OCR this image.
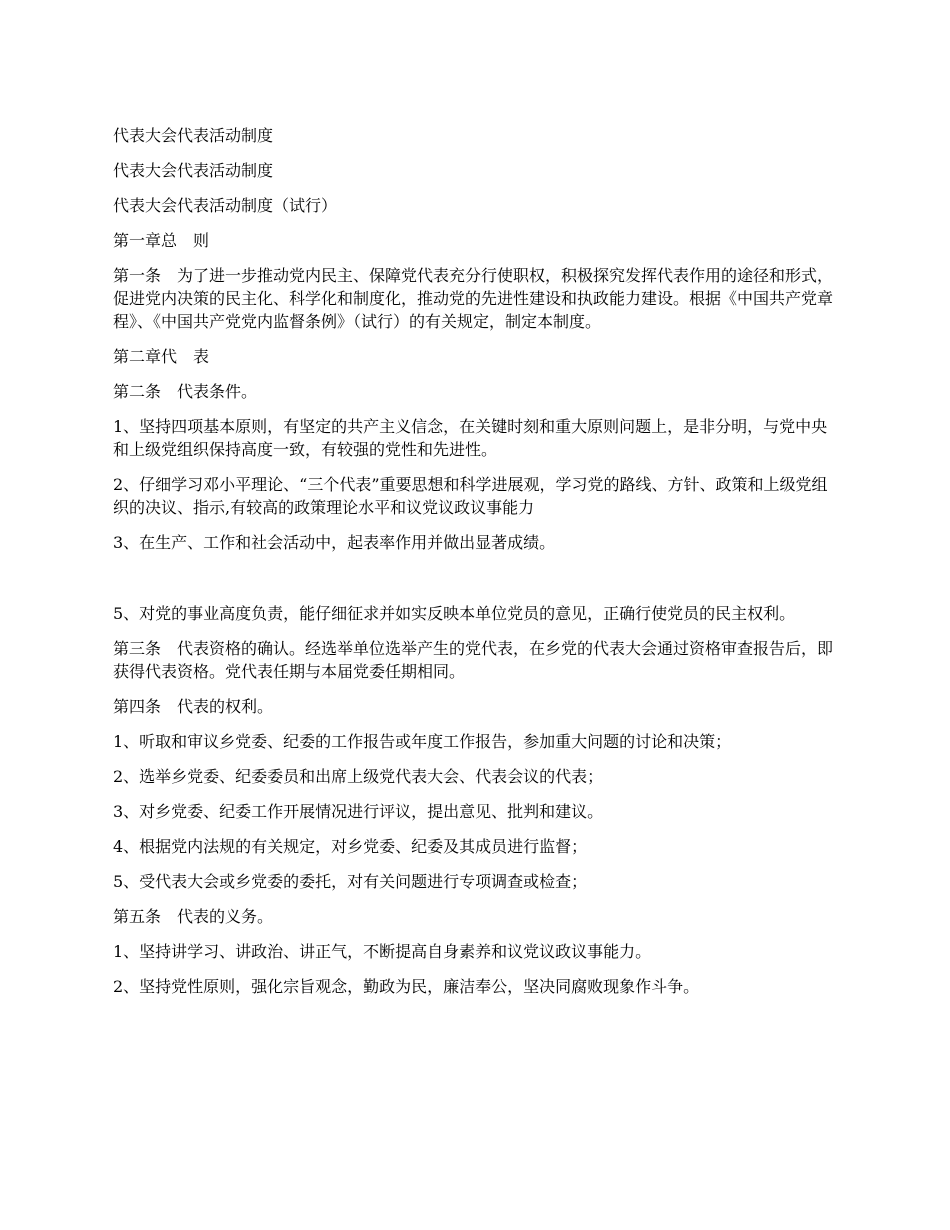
代表大会代表活动制度

代表大会代表活动制度

代表大会代表活动制度（试行）

第一章总　则

第一条　为了进一步推动党内民主、保障党代表充分行使职权，积极探究发挥代表作用的途径和形式，促进党内决策的民主化、科学化和制度化，推动党的先进性建设和执政能力建设。根据《中国共产党章程》、《中国共产党党内监督条例》（试行）的有关规定，制定本制度。

第二章代　表

第二条　代表条件。

1、坚持四项基本原则，有坚定的共产主义信念，在关键时刻和重大原则问题上，是非分明，与党中央和上级党组织保持高度一致，有较强的党性和先进性。

2、仔细学习邓小平理论、“三个代表”重要思想和科学进展观，学习党的路线、方针、政策和上级党组织的决议、指示,有较高的政策理论水平和议党议政议事能力

3、在生产、工作和社会活动中，起表率作用并做出显著成绩。

5、对党的事业高度负责，能仔细征求并如实反映本单位党员的意见，正确行使党员的民主权利。

第三条　代表资格的确认。经选举单位选举产生的党代表，在乡党的代表大会通过资格审查报告后，即获得代表资格。党代表任期与本届党委任期相同。

第四条　代表的权利。

1、听取和审议乡党委、纪委的工作报告或年度工作报告，参加重大问题的讨论和决策；

2、选举乡党委、纪委委员和出席上级党代表大会、代表会议的代表；

3、对乡党委、纪委工作开展情况进行评议，提出意见、批判和建议。

4、根据党内法规的有关规定，对乡党委、纪委及其成员进行监督；

5、受代表大会或乡党委的委托，对有关问题进行专项调查或检查；

第五条　代表的义务。

1、坚持讲学习、讲政治、讲正气，不断提高自身素养和议党议政议事能力。

2、坚持党性原则，强化宗旨观念，勤政为民，廉洁奉公，坚决同腐败现象作斗争。
